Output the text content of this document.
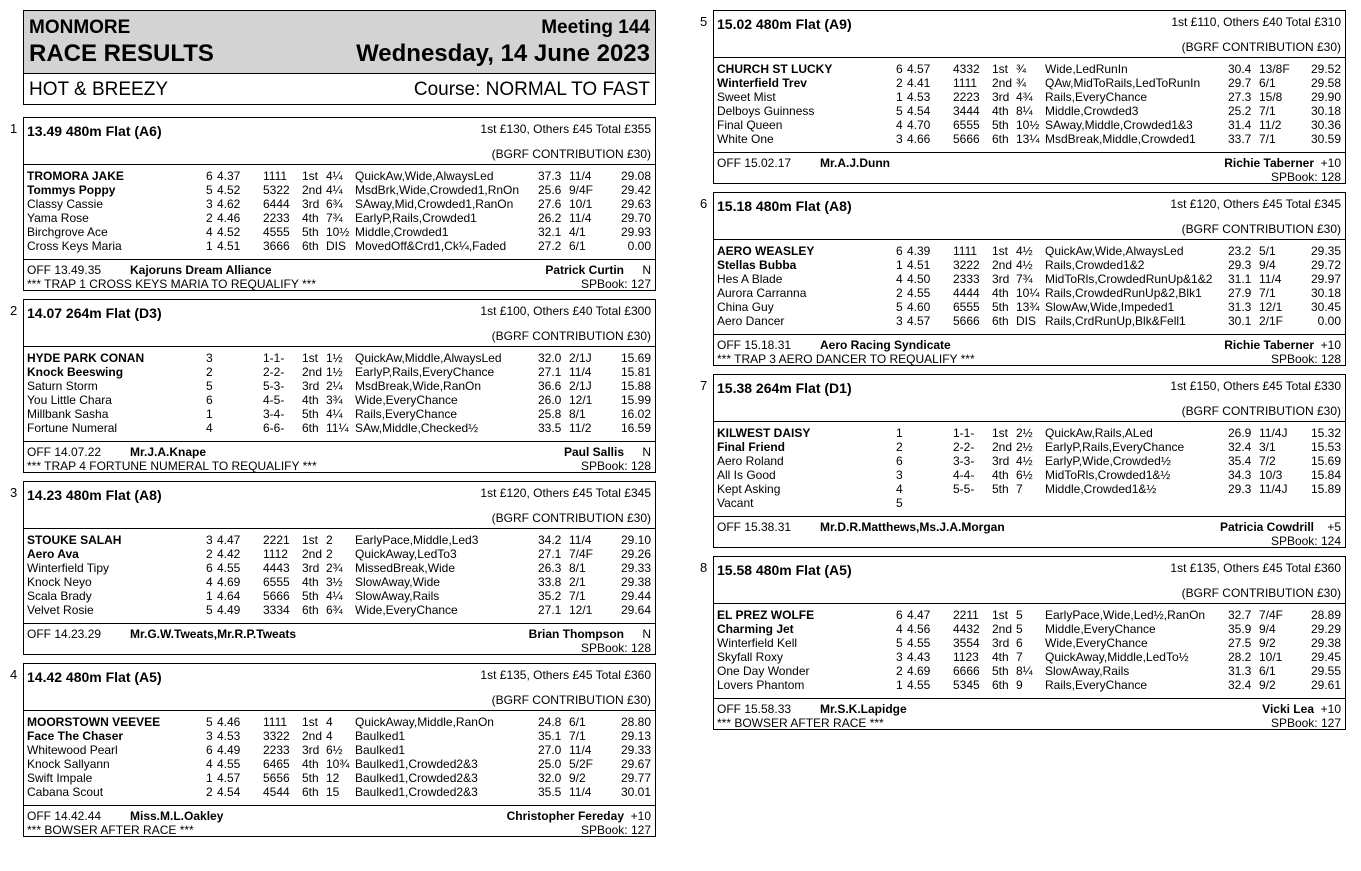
MONMORE
RACE RESULTS
Meeting 144
Wednesday, 14 June 2023
HOT & BREEZY	Course: NORMAL TO FAST
1 13.49 480m Flat (A6)	1st £130, Others £45 Total £355
(BGRF CONTRIBUTION £30)
TROMORA JAKE	6 4.37 1111 1st 4¼ QuickAw,Wide,AlwaysLed	37.3 11/4 29.08
Tommys Poppy	5 4.52 5322 2nd 4¼ MsdBrk,Wide,Crowded1,RnOn 25.6 9/4F 29.42
Classy Cassie	3 4.62 6444 3rd 6¾ SAway,Mid,Crowded1,RanOn 27.6 10/1 29.63
Yama Rose	2 4.46 2233 4th 7¾ EarlyP,Rails,Crowded1	26.2 11/4 29.70
Birchgrove Ace	4 4.52 4555 5th 10½ Middle,Crowded1	32.1 4/1	29.93
Cross Keys Maria	1 4.51 3666 6th DIS MovedOff&Crd1,Ck¼,Faded	27.2 6/1	0.00
OFF 13.49.35 Kajoruns Dream Alliance	Patrick Curtin N
*** TRAP 1 CROSS KEYS MARIA TO REQUALIFY ***	SPBook: 127
2 14.07 264m Flat (D3)	1st £100, Others £40 Total £300
(BGRF CONTRIBUTION £30)
HYDE PARK CONAN	3	1-1- 1st 1½ QuickAw,Middle,AlwaysLed	32.0 2/1J 15.69
Knock Beeswing	2	2-2- 2nd 1½ EarlyP,Rails,EveryChance	27.1 11/4 15.81
Saturn Storm	5	5-3- 3rd 2¼ MsdBreak,Wide,RanOn	36.6 2/1J 15.88
You Little Chara	6	4-5- 4th 3¾ Wide,EveryChance	26.0 12/1 15.99
Millbank Sasha	1	3-4- 5th 4¼ Rails,EveryChance	25.8 8/1	16.02
Fortune Numeral	4	6-6- 6th 11¼ SAw,Middle,Checked½	33.5 11/2 16.59
OFF 14.07.22 Mr.J.A.Knape	Paul Sallis N
*** TRAP 4 FORTUNE NUMERAL TO REQUALIFY ***	SPBook: 128
3 14.23 480m Flat (A8)	1st £120, Others £45 Total £345
(BGRF CONTRIBUTION £30)
STOUKE SALAH	3 4.47 2221 1st 2 EarlyPace,Middle,Led3	34.2 11/4 29.10
Aero Ava	2 4.42 1112 2nd 2 QuickAway,LedTo3	27.1 7/4F 29.26
Winterfield Tipy	6 4.55 4443 3rd 2¾ MissedBreak,Wide	26.3 8/1	29.33
Knock Neyo	4 4.69 6555 4th 3½ SlowAway,Wide	33.8 2/1	29.38
Scala Brady	1 4.64 5666 5th 4¼ SlowAway,Rails	35.2 7/1	29.44
Velvet Rosie	5 4.49 3334 6th 6¾ Wide,EveryChance	27.1 12/1 29.64
OFF 14.23.29 Mr.G.W.Tweats,Mr.R.P.Tweats	Brian Thompson N
SPBook: 128
4 14.42 480m Flat (A5)	1st £135, Others £45 Total £360
(BGRF CONTRIBUTION £30)
MOORSTOWN VEEVEE	5 4.46 1111 1st 4 QuickAway,Middle,RanOn	24.8 6/1	28.80
Face The Chaser	3 4.53 3322 2nd 4 Baulked1	35.1 7/1	29.13
Whitewood Pearl	6 4.49 2233 3rd 6½ Baulked1	27.0 11/4 29.33
Knock Sallyann	4 4.55 6465 4th 10¾ Baulked1,Crowded2&3	25.0 5/2F 29.67
Swift Impale	1 4.57 5656 5th 12 Baulked1,Crowded2&3	32.0 9/2	29.77
Cabana Scout	2 4.54 4544 6th 15 Baulked1,Crowded2&3	35.5 11/4 30.01
OFF 14.42.44 Miss.M.L.Oakley	Christopher Fereday +10
*** BOWSER AFTER RACE ***	SPBook: 127
5 15.02 480m Flat (A9)	1st £110, Others £40 Total £310
(BGRF CONTRIBUTION £30)
CHURCH ST LUCKY	6 4.57 4332 1st ¾ Wide,LedRunIn	30.4 13/8F 29.52
Winterfield Trev	2 4.41 1111 2nd ¾ QAw,MidToRails,LedToRunIn 29.7 6/1	29.58
Sweet Mist	1 4.53 2223 3rd 4¾ Rails,EveryChance	27.3 15/8 29.90
Delboys Guinness	5 4.54 3444 4th 8¼ Middle,Crowded3	25.2 7/1	30.18
Final Queen	4 4.70 6555 5th 10½ SAway,Middle,Crowded1&3	31.4 11/2 30.36
White One	3 4.66 5666 6th 13¼ MsdBreak,Middle,Crowded1	33.7 7/1	30.59
OFF 15.02.17 Mr.A.J.Dunn	Richie Taberner +10
SPBook: 128
6 15.18 480m Flat (A8)	1st £120, Others £45 Total £345
(BGRF CONTRIBUTION £30)
AERO WEASLEY	6 4.39 1111 1st 4½ QuickAw,Wide,AlwaysLed	23.2 5/1	29.35
Stellas Bubba	1 4.51 3222 2nd 4½ Rails,Crowded1&2	29.3 9/4	29.72
Hes A Blade	4 4.50 2333 3rd 7¾ MidToRls,CrowdedRunUp&1&2 31.1 11/4 29.97
Aurora Carranna	2 4.55 4444 4th 10¼ Rails,CrowdedRunUp&2,Blk1 27.9 7/1	30.18
China Guy	5 4.60 6555 5th 13¾ SlowAw,Wide,Impeded1	31.3 12/1 30.45
Aero Dancer	3 4.57 5666 6th DIS Rails,CrdRunUp,Blk&Fell1	30.1 2/1F	0.00
OFF 15.18.31 Aero Racing Syndicate	Richie Taberner +10
*** TRAP 3 AERO DANCER TO REQUALIFY ***	SPBook: 128
7 15.38 264m Flat (D1)	1st £150, Others £45 Total £330
(BGRF CONTRIBUTION £30)
KILWEST DAISY	1	1-1- 1st 2½ QuickAw,Rails,ALed	26.9 11/4J 15.32
Final Friend	2	2-2- 2nd 2½ EarlyP,Rails,EveryChance	32.4 3/1	15.53
Aero Roland	6	3-3- 3rd 4½ EarlyP,Wide,Crowded½	35.4 7/2	15.69
All Is Good	3	4-4- 4th 6½ MidToRls,Crowded1&½	34.3 10/3 15.84
Kept Asking	4	5-5- 5th 7 Middle,Crowded1&½	29.3 11/4J 15.89
Vacant	5
OFF 15.38.31 Mr.D.R.Matthews,Ms.J.A.Morgan	Patricia Cowdrill +5
SPBook: 124
8 15.58 480m Flat (A5)	1st £135, Others £45 Total £360
(BGRF CONTRIBUTION £30)
EL PREZ WOLFE	6 4.47 2211 1st 5 EarlyPace,Wide,Led½,RanOn 32.7 7/4F 28.89
Charming Jet	4 4.56 4432 2nd 5 Middle,EveryChance	35.9 9/4	29.29
Winterfield Kell	5 4.55 3554 3rd 6 Wide,EveryChance	27.5 9/2	29.38
Skyfall Roxy	3 4.43 1123 4th 7 QuickAway,Middle,LedTo½	28.2 10/1 29.45
One Day Wonder	2 4.69 6666 5th 8¼ SlowAway,Rails	31.3 6/1	29.55
Lovers Phantom	1 4.55 5345 6th 9 Rails,EveryChance	32.4 9/2	29.61
OFF 15.58.33 Mr.S.K.Lapidge	Vicki Lea +10
*** BOWSER AFTER RACE ***	SPBook: 127
